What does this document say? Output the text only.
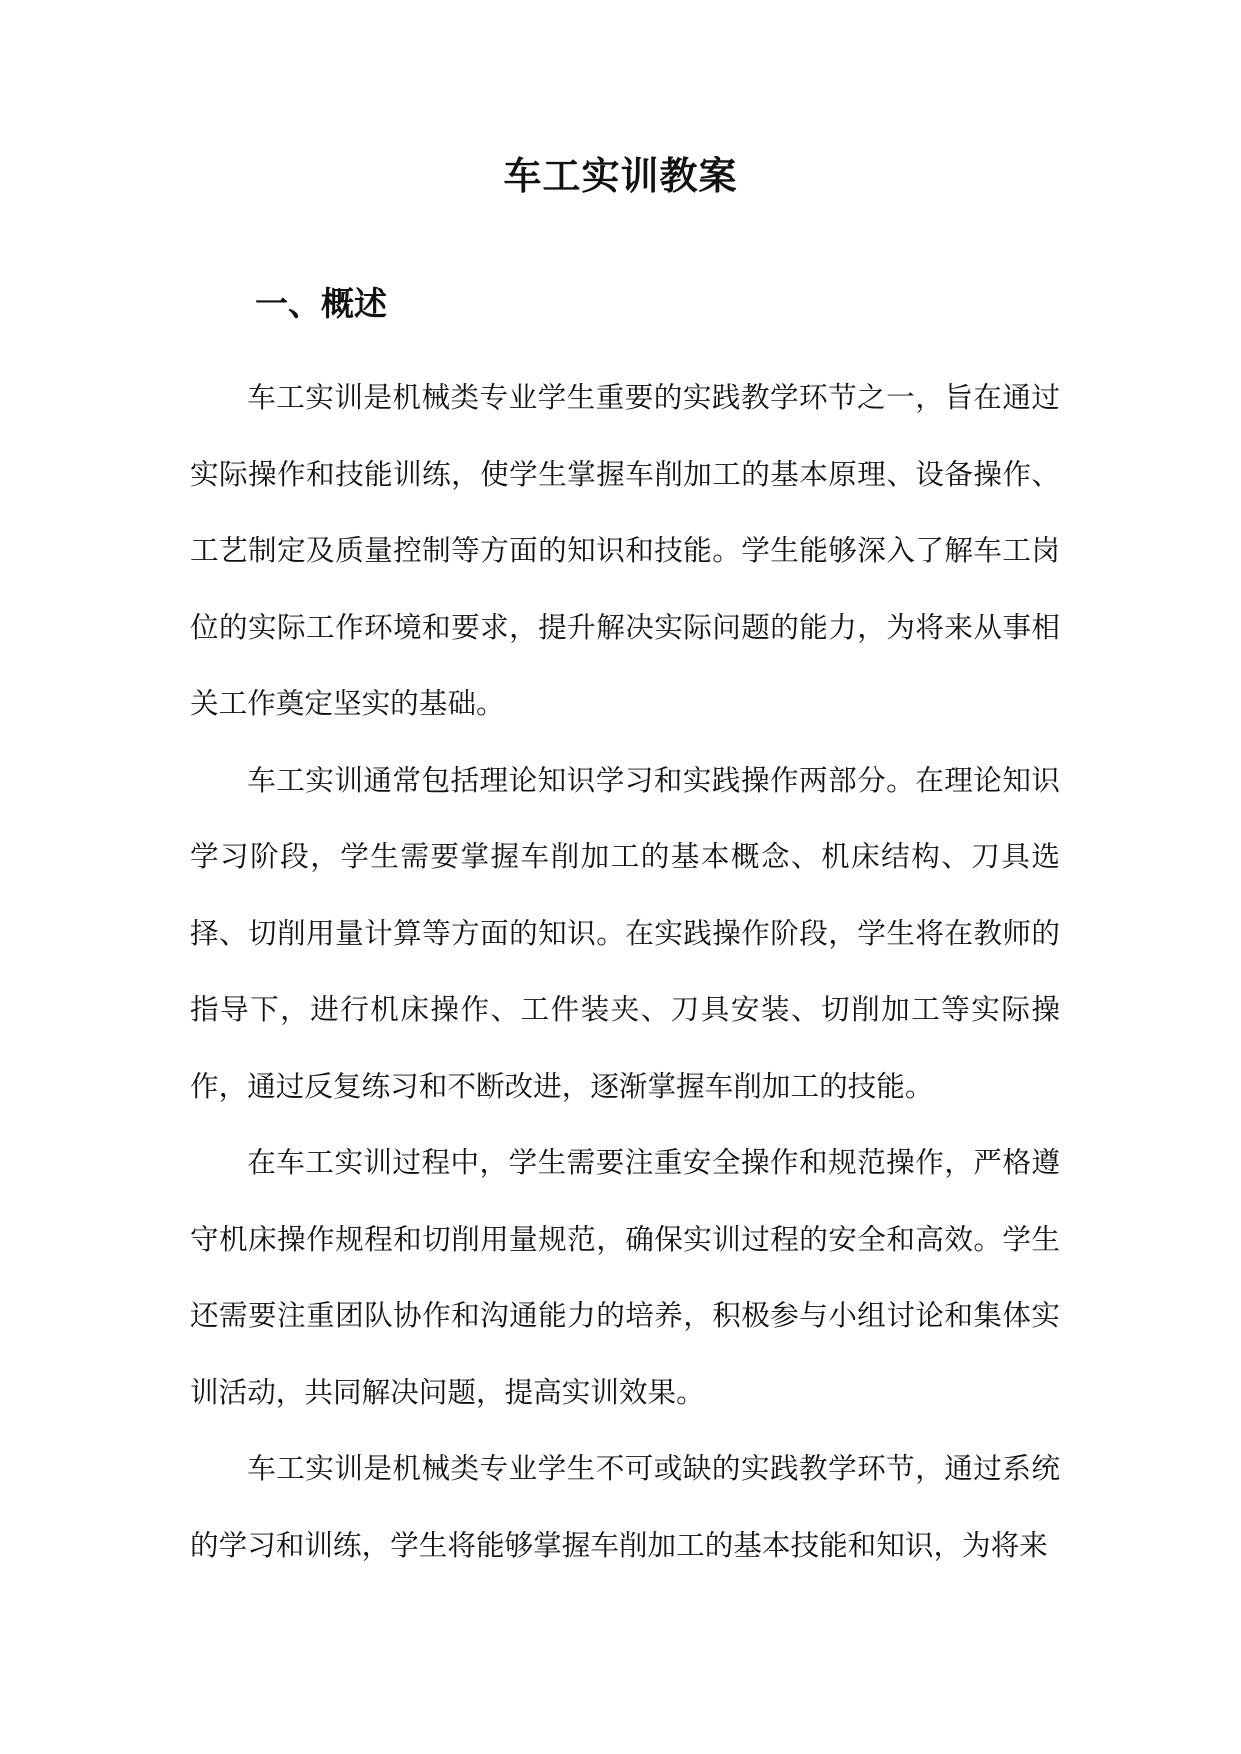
车工实训教案
一、概述

车工实训是机械类专业学生重要的实践教学环节之一，旨在通过实际操作和技能训练，使学生掌握车削加工的基本原理、设备操作、工艺制定及质量控制等方面的知识和技能。学生能够深入了解车工岗位的实际工作环境和要求，提升解决实际问题的能力，为将来从事相关工作奠定坚实的基础。

车工实训通常包括理论知识学习和实践操作两部分。在理论知识学习阶段，学生需要掌握车削加工的基本概念、机床结构、刀具选择、切削用量计算等方面的知识。在实践操作阶段，学生将在教师的指导下，进行机床操作、工件装夹、刀具安装、切削加工等实际操作，通过反复练习和不断改进，逐渐掌握车削加工的技能。

在车工实训过程中，学生需要注重安全操作和规范操作，严格遵守机床操作规程和切削用量规范，确保实训过程的安全和高效。学生还需要注重团队协作和沟通能力的培养，积极参与小组讨论和集体实训活动，共同解决问题，提高实训效果。

车工实训是机械类专业学生不可或缺的实践教学环节，通过系统的学习和训练，学生将能够掌握车削加工的基本技能和知识，为将来
